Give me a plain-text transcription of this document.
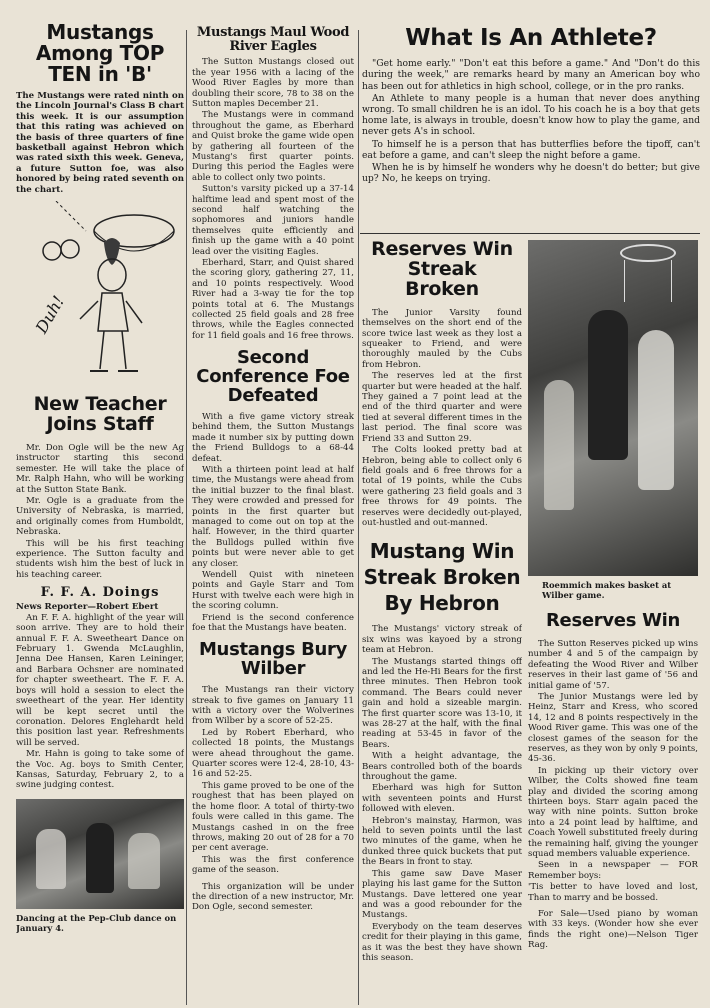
Mustangs Among TOP TEN in 'B'

The Mustangs were rated ninth on the Lincoln Journal's Class B chart this week. It is our assumption that this rating was achieved on the basis of three quarters of fine basketball against Hebron which was rated sixth this week. Geneva, a future Sutton foe, was also honored by being rated seventh on the chart.

Duh!
New Teacher Joins Staff

Mr. Don Ogle will be the new Ag instructor starting this second semester. He will take the place of Mr. Ralph Hahn, who will be working at the Sutton State Bank.

Mr. Ogle is a graduate from the University of Nebraska, is married, and originally comes from Humboldt, Nebraska.

This will be his first teaching experience. The Sutton faculty and students wish him the best of luck in his teaching career.

F. F. A. Doings
News Reporter—Robert Ebert

An F. F. A. highlight of the year will soon arrive. They are to hold their annual F. F. A. Sweetheart Dance on February 1. Gwenda McLaughlin, Jenna Dee Hansen, Karen Leininger, and Barbara Ochsner are nominated for chapter sweetheart. The F. F. A. boys will hold a session to elect the sweetheart of the year. Her identity will be kept secret until the coronation. Delores Englehardt held this position last year. Refreshments will be served.

Mr. Hahn is going to take some of the Voc. Ag. boys to Smith Center, Kansas, Saturday, February 2, to a swine judging contest.

Dancing at the Pep-Club dance on January 4.
Mustangs Maul Wood River Eagles

The Sutton Mustangs closed out the year 1956 with a lacing of the Wood River Eagles by more than doubling their score, 78 to 38 on the Sutton maples December 21.

The Mustangs were in command throughout the game, as Eberhard and Quist broke the game wide open by gathering all fourteen of the Mustang's first quarter points. During this period the Eagles were able to collect only two points.

Sutton's varsity picked up a 37-14 halftime lead and spent most of the second half watching the sophomores and juniors handle themselves quite efficiently and finish up the game with a 40 point lead over the visiting Eagles.

Eberhard, Starr, and Quist shared the scoring glory, gathering 27, 11, and 10 points respectively. Wood River had a 3-way tie for the top points total at 6. The Mustangs collected 25 field goals and 28 free throws, while the Eagles connected for 11 field goals and 16 free throws.

Second Conference Foe Defeated

With a five game victory streak behind them, the Sutton Mustangs made it number six by putting down the Friend Bulldogs to a 68-44 defeat.

With a thirteen point lead at half time, the Mustangs were ahead from the initial buzzer to the final blast. They were crowded and pressed for points in the first quarter but managed to come out on top at the half. However, in the third quarter the Bulldogs pulled within five points but were never able to get any closer.

Wendell Quist with nineteen points and Gayle Starr and Tom Hurst with twelve each were high in the scoring column.

Friend is the second conference foe that the Mustangs have beaten.

Mustangs Bury Wilber

The Mustangs ran their victory streak to five games on January 11 with a victory over the Wolverines from Wilber by a score of 52-25.

Led by Robert Eberhard, who collected 18 points, the Mustangs were ahead throughout the game. Quarter scores were 12-4, 28-10, 43-16 and 52-25.

This game proved to be one of the roughest that has been played on the home floor. A total of thirty-two fouls were called in this game. The Mustangs cashed in on the free throws, making 20 out of 28 for a 70 per cent average.

This was the first conference game of the season.

This organization will be under the direction of a new instructor, Mr. Don Ogle, second semester.

What Is An Athlete?

"Get home early." "Don't eat this before a game." And "Don't do this during the week," are remarks heard by many an American boy who has been out for athletics in high school, college, or in the pro ranks.

An Athlete to many people is a human that never does anything wrong. To small children he is an idol. To his coach he is a boy that gets home late, is always in trouble, doesn't know how to play the game, and never gets A's in school.

To himself he is a person that has butterflies before the tipoff, can't eat before a game, and can't sleep the night before a game.

When he is by himself he wonders why he doesn't do better; but give up? No, he keeps on trying.

Reserves Win Streak Broken

The Junior Varsity found themselves on the short end of the score twice last week as they lost a squeaker to Friend, and were thoroughly mauled by the Cubs from Hebron.

The reserves led at the first quarter but were headed at the half. They gained a 7 point lead at the end of the third quarter and were tied at several different times in the last period. The final score was Friend 33 and Sutton 29.

The Colts looked pretty bad at Hebron, being able to collect only 6 field goals and 6 free throws for a total of 19 points, while the Cubs were gathering 23 field goals and 3 free throws for 49 points. The reserves were decidedly out-played, out-hustled and out-manned.

Mustang Win Streak Broken By Hebron

The Mustangs' victory streak of six wins was kayoed by a strong team at Hebron.

The Mustangs started things off and led the He-Hi Bears for the first three minutes. Then Hebron took command. The Bears could never gain and hold a sizeable margin. The first quarter score was 13-10, it was 28-27 at the half, with the final reading at 53-45 in favor of the Bears.

With a height advantage, the Bears controlled both of the boards throughout the game.

Eberhard was high for Sutton with seventeen points and Hurst followed with eleven.

Hebron's mainstay, Harmon, was held to seven points until the last two minutes of the game, when he dunked three quick buckets that put the Bears in front to stay.

This game saw Dave Maser playing his last game for the Sutton Mustangs. Dave lettered one year and was a good rebounder for the Mustangs.

Everybody on the team deserves credit for their playing in this game, as it was the best they have shown this season.

Roemmich makes basket at Wilber game.
Reserves Win

The Sutton Reserves picked up wins number 4 and 5 of the campaign by defeating the Wood River and Wilber reserves in their last game of '56 and initial game of '57.

The Junior Mustangs were led by Heinz, Starr and Kress, who scored 14, 12 and 8 points respectively in the Wood River game. This was one of the closest games of the season for the reserves, as they won by only 9 points, 45-36.

In picking up their victory over Wilber, the Colts showed fine team play and divided the scoring among thirteen boys. Starr again paced the way with nine points. Sutton broke into a 24 point lead by halftime, and Coach Yowell substituted freely during the remaining half, giving the younger squad members valuable experience.

Seen in a newspaper — FOR Remember boys:

'Tis better to have loved and lost, Than to marry and be bossed.

For Sale—Used piano by woman with 33 keys. (Wonder how she ever finds the right one)—Nelson Tiger Rag.
